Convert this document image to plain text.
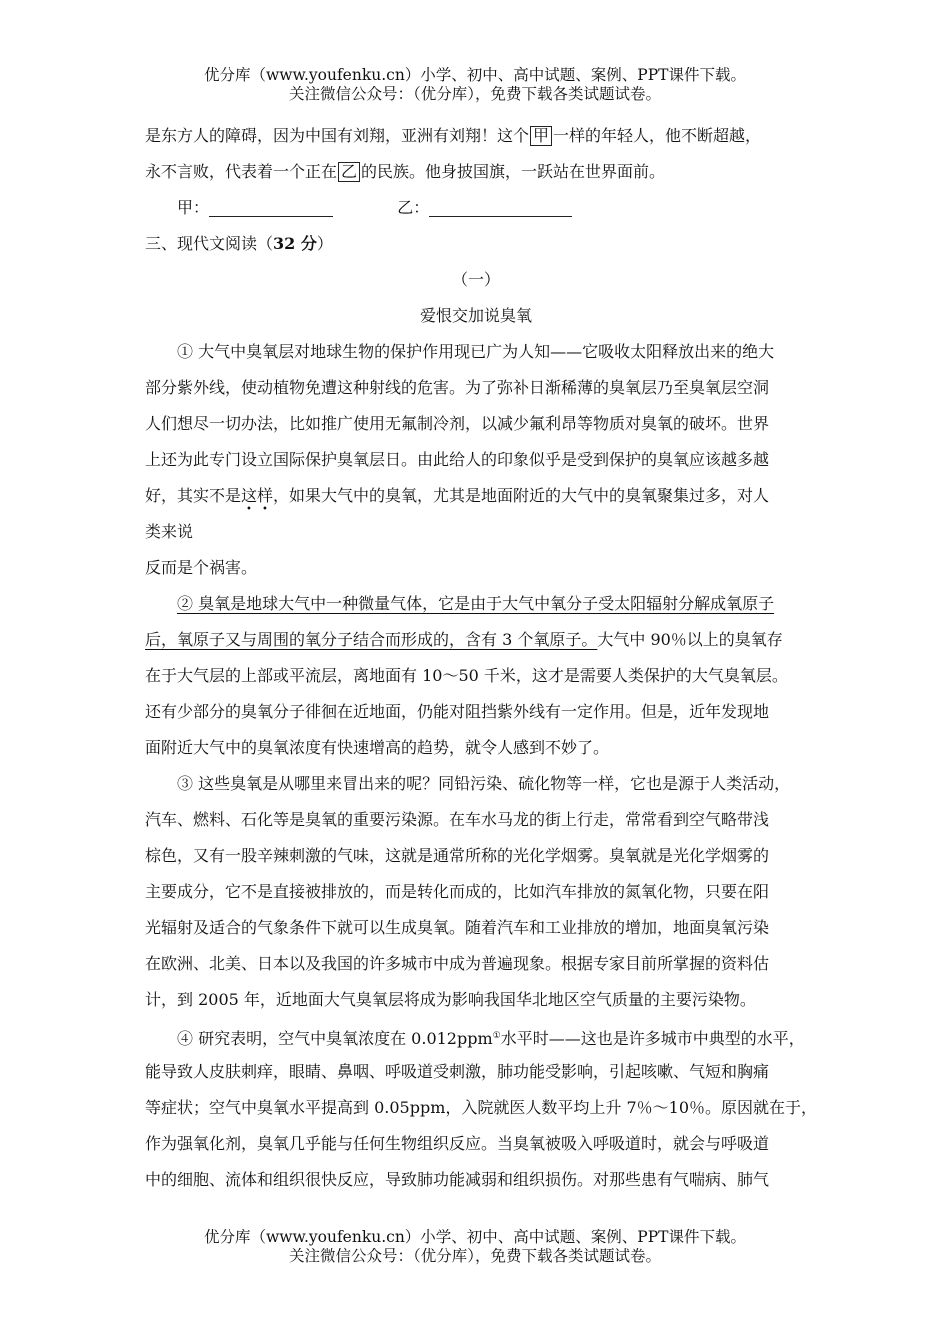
优分库（www.youfenku.cn）小学、初中、高中试题、案例、PPT课件下载。
关注微信公众号：（优分库），免费下载各类试题试卷。
是东方人的障碍，因为中国有刘翔，亚洲有刘翔！这个 甲 一样的年轻人，他不断超越，
永不言败，代表着一个正在 乙 的民族。他身披国旗，一跃站在世界面前。
甲：	乙：
三、现代文阅读（32 分）
（一）
爱恨交加说臭氧
① 大气中臭氧层对地球生物的保护作用现已广为人知——它吸收太阳释放出来的绝大
部分紫外线，使动植物免遭这种射线的危害。为了弥补日渐稀薄的臭氧层乃至臭氧层空洞
人们想尽一切办法，比如推广使用无氟制冷剂，以减少氟利昂等物质对臭氧的破坏。世界
上还为此专门设立国际保护臭氧层日。由此给人的印象似乎是受到保护的臭氧应该越多越
好，其实不是这样
• •
，如果大气中的臭氧，尤其是地面附近的大气中的臭氧聚集过多，对人
类来说
反而是个祸害。
② 臭氧是地球大气中一种微量气体，它是由于大气中氧分子受太阳辐射分解成氧原子
后，氧原子又与周围的氧分子结合而形成的，含有 3 个氧原子。大气中 90％以上的臭氧存
在于大气层的上部或平流层，离地面有 10～50 千米，这才是需要人类保护的大气臭氧层。
还有少部分的臭氧分子徘徊在近地面，仍能对阻挡紫外线有一定作用。但是，近年发现地
面附近大气中的臭氧浓度有快速增高的趋势，就令人感到不妙了。
③ 这些臭氧是从哪里来冒出来的呢？同铅污染、硫化物等一样，它也是源于人类活动，
汽车、燃料、石化等是臭氧的重要污染源。在车水马龙的街上行走，常常看到空气略带浅
棕色，又有一股辛辣刺激的气味，这就是通常所称的光化学烟雾。臭氧就是光化学烟雾的
主要成分，它不是直接被排放的，而是转化而成的，比如汽车排放的氮氧化物，只要在阳
光辐射及适合的气象条件下就可以生成臭氧。随着汽车和工业排放的增加，地面臭氧污染
在欧洲、北美、日本以及我国的许多城市中成为普遍现象。根据专家目前所掌握的资料估
计，到 2005 年，近地面大气臭氧层将成为影响我国华北地区空气质量的主要污染物。
④ 研究表明，空气中臭氧浓度在 0.012ppm①水平时——这也是许多城市中典型的水平，
能导致人皮肤刺痒，眼睛、鼻咽、呼吸道受刺激，肺功能受影响，引起咳嗽、气短和胸痛
等症状；空气中臭氧水平提高到 0.05ppm，入院就医人数平均上升 7％～10％。原因就在于，
作为强氧化剂，臭氧几乎能与任何生物组织反应。当臭氧被吸入呼吸道时，就会与呼吸道
中的细胞、流体和组织很快反应，导致肺功能减弱和组织损伤。对那些患有气喘病、肺气
优分库（www.youfenku.cn）小学、初中、高中试题、案例、PPT课件下载。
关注微信公众号：（优分库），免费下载各类试题试卷。
